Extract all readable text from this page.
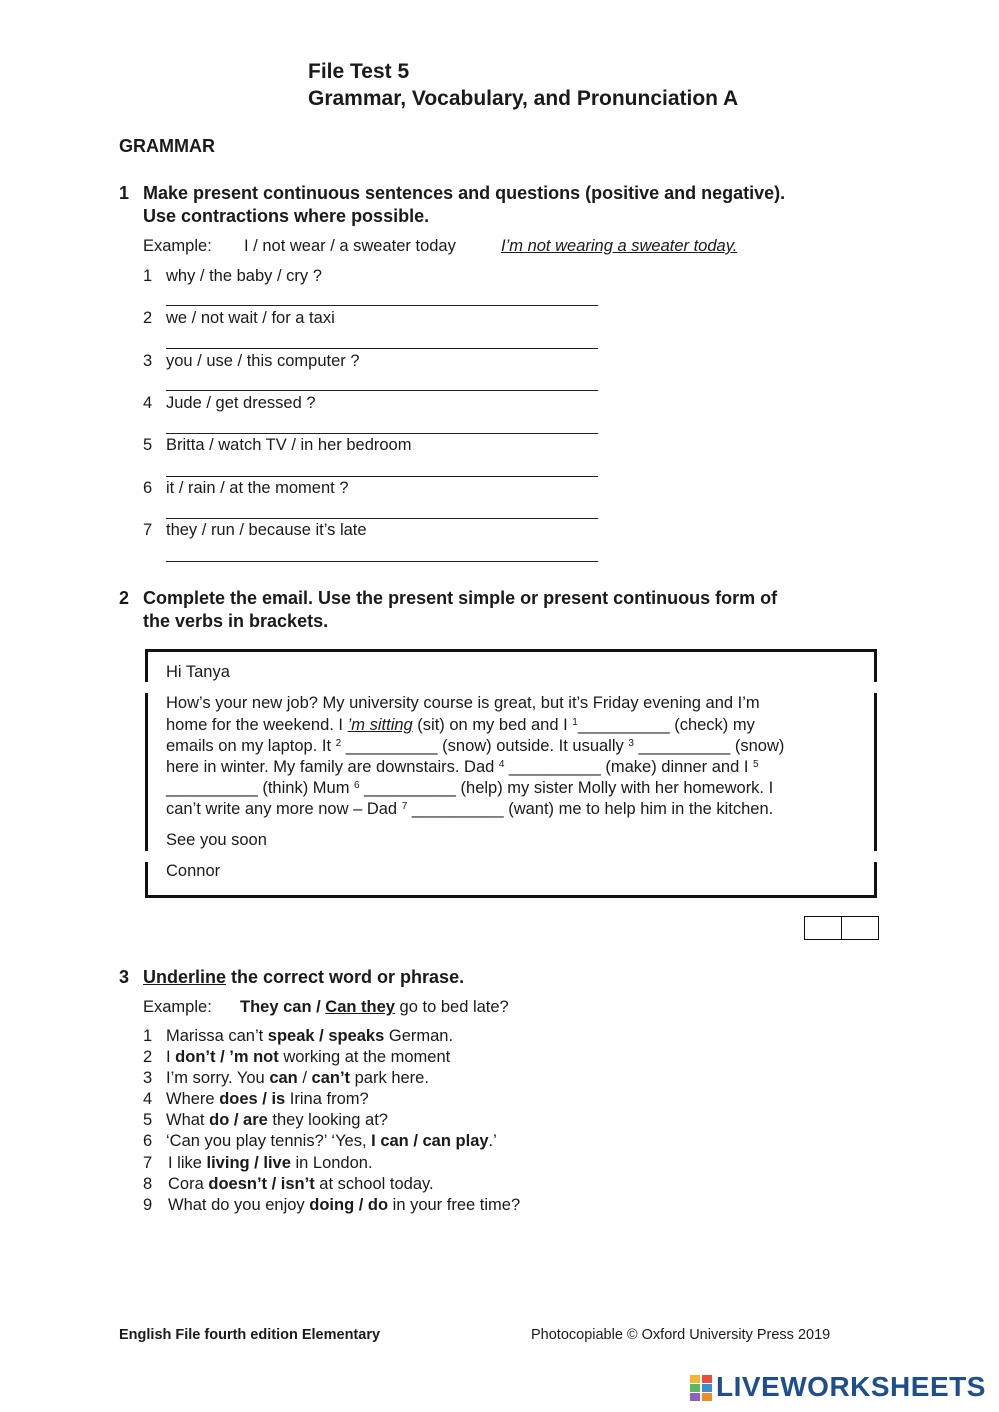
File Test 5
Grammar, Vocabulary, and Pronunciation A
GRAMMAR
1 Make present continuous sentences and questions (positive and negative).
Use contractions where possible.
Example: I / not wear / a sweater today	I’m not wearing a sweater today.
1 why / the baby / cry ?
2 we / not wait / for a taxi
3 you / use / this computer ?
4 Jude / get dressed ?
5 Britta / watch TV / in her bedroom
6 it / rain / at the moment ?
7 they / run / because it’s late
2 Complete the email. Use the present simple or present continuous form of
the verbs in brackets.
Hi Tanya
How’s your new job? My university course is great, but it’s Friday evening and I’m
home for the weekend. I ’m sitting (sit) on my bed and I $^1$__________ (check) my
emails on my laptop. It $^2$ __________ (snow) outside. It usually $^3$ __________ (snow)
here in winter. My family are downstairs. Dad $^4$ __________ (make) dinner and I $^5$
__________ (think) Mum $^6$ __________ (help) my sister Molly with her homework. I
can’t write any more now – Dad $^7$ __________ (want) me to help him in the kitchen.
See you soon
Connor
3 Underline the correct word or phrase.
Example: They can / Can they go to bed late?
1 Marissa can’t speak / speaks German.
2 I don’t / ’m not working at the moment
3 I’m sorry. You can / can’t park here.
4 Where does / is Irina from?
5 What do / are they looking at?
6 ‘Can you play tennis?’ ‘Yes, I can / can play.’
7 I like living / live in London.
8 Cora doesn’t / isn’t at school today.
9 What do you enjoy doing / do in your free time?
English File fourth edition Elementary	Photocopiable © Oxford University Press 2019
LIVEWORKSHEETS
